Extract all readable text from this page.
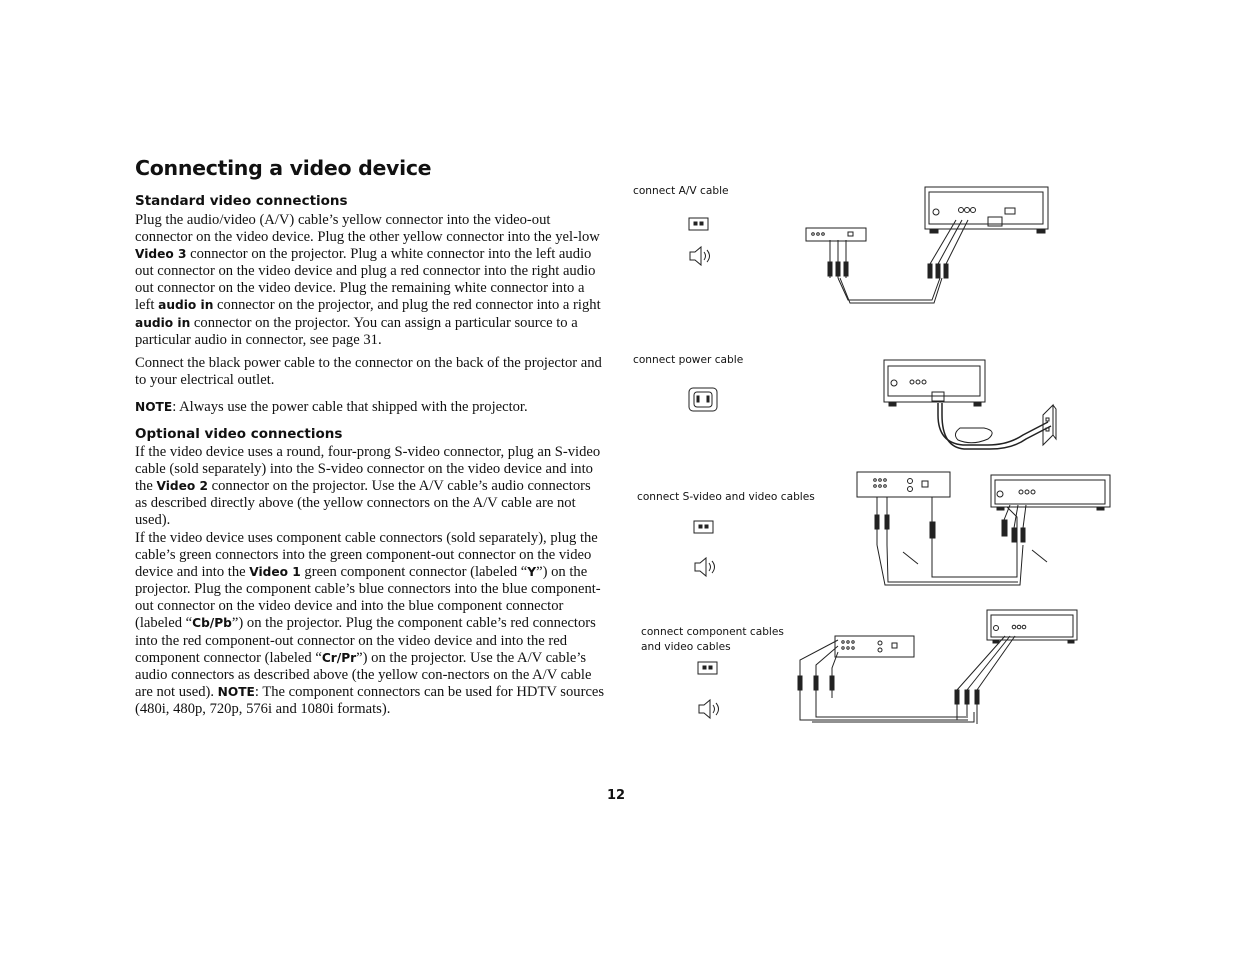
Connecting a video device
Standard video connections

Plug the audio/video (A/V) cable’s yellow connector into the video-out connector on the video device. Plug the other yellow connector into the yel-low Video 3 connector on the projector. Plug a white connector into the left audio out connector on the video device and plug a red connector into the right audio out connector on the video device. Plug the remaining white connector into a left audio in connector on the projector, and plug the red connector into a right audio in connector on the projector. You can assign a particular source to a particular audio in connector, see page 31.

Connect the black power cable to the connector on the back of the projector and to your electrical outlet.

NOTE: Always use the power cable that shipped with the projector.

Optional video connections

If the video device uses a round, four-prong S-video connector, plug an S-video cable (sold separately) into the S-video connector on the video device and into the Video 2 connector on the projector. Use the A/V cable’s audio connectors as described directly above (the yellow connectors on the A/V cable are not used).

If the video device uses component cable connectors (sold separately), plug the cable’s green connectors into the green component-out connector on the video device and into the Video 1 green component connector (labeled “Y”) on the projector. Plug the component cable’s blue connectors into the blue component-out connector on the video device and into the blue component connector (labeled “Cb/Pb”) on the projector. Plug the component cable’s red connectors into the red component-out connector on the video device and into the red component connector (labeled “Cr/Pr”) on the projector. Use the A/V cable’s audio connectors as described above (the yellow con-nectors on the A/V cable are not used). NOTE: The component connectors can be used for HDTV sources (480i, 480p, 720p, 576i and 1080i formats).

connect A/V cable
connect power cable
connect S-video and video cables
connect component cables
and video cables
12
